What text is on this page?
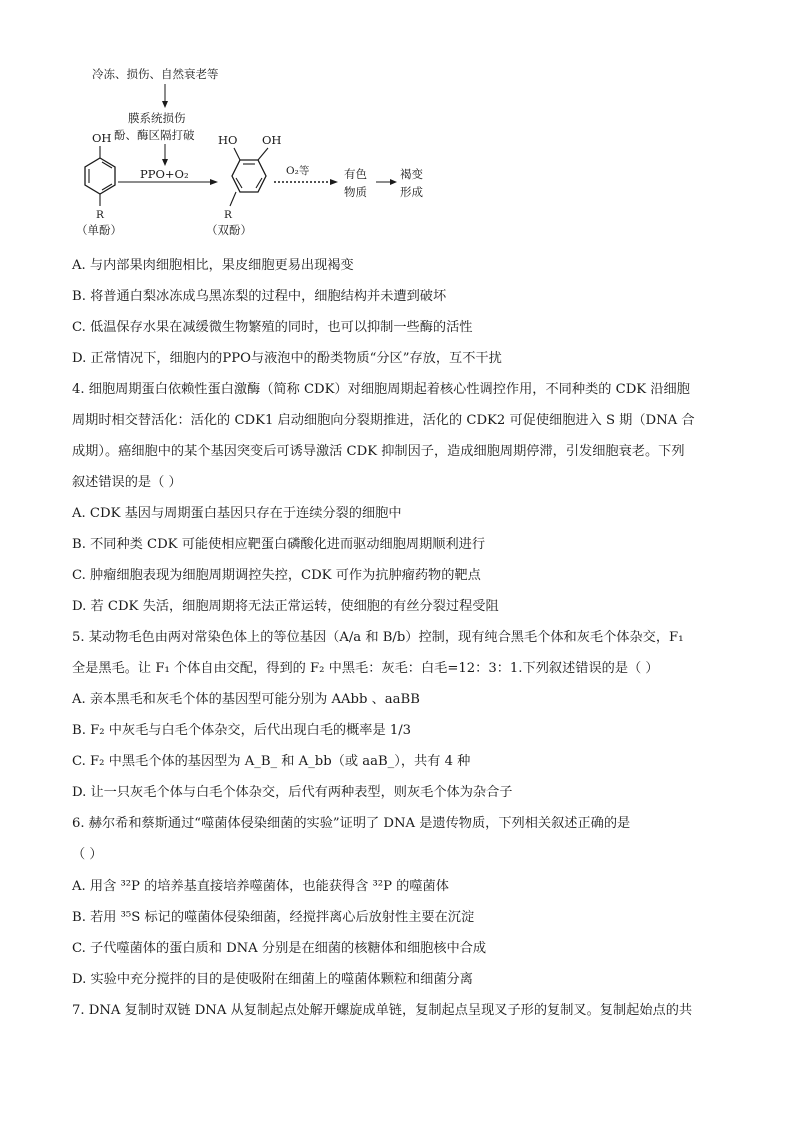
冷冻、损伤、自然衰老等
膜系统损伤
酚、酶区隔打破
PPO+O₂
OH
R
（单酚）
HO OH
R
（双酚）
O₂等	有色
物质
褐变
形成
A. 与内部果肉细胞相比，果皮细胞更易出现褐变
B. 将普通白梨冰冻成乌黑冻梨的过程中，细胞结构并未遭到破坏
C. 低温保存水果在减缓微生物繁殖的同时，也可以抑制一些酶的活性
D. 正常情况下，细胞内的PPO与液泡中的酚类物质“分区”存放，互不干扰
4. 细胞周期蛋白依赖性蛋白激酶（简称 CDK）对细胞周期起着核心性调控作用，不同种类的 CDK 沿细胞
周期时相交替活化：活化的 CDK1 启动细胞向分裂期推进，活化的 CDK2 可促使细胞进入 S 期（DNA 合
成期）。癌细胞中的某个基因突变后可诱导激活 CDK 抑制因子，造成细胞周期停滞，引发细胞衰老。下列
叙述错误的是（ ）
A. CDK 基因与周期蛋白基因只存在于连续分裂的细胞中
B. 不同种类 CDK 可能使相应靶蛋白磷酸化进而驱动细胞周期顺利进行
C. 肿瘤细胞表现为细胞周期调控失控，CDK 可作为抗肿瘤药物的靶点
D. 若 CDK 失活，细胞周期将无法正常运转，使细胞的有丝分裂过程受阻
5. 某动物毛色由两对常染色体上的等位基因（A/a 和 B/b）控制，现有纯合黑毛个体和灰毛个体杂交，F₁
全是黑毛。让 F₁ 个体自由交配，得到的 F₂ 中黑毛：灰毛：白毛=12：3：1.下列叙述错误的是（ ）
A. 亲本黑毛和灰毛个体的基因型可能分别为 AAbb 、aaBB
B. F₂ 中灰毛与白毛个体杂交，后代出现白毛的概率是 1/3
C. F₂ 中黑毛个体的基因型为 A_B_ 和 A_bb（或 aaB_），共有 4 种
D. 让一只灰毛个体与白毛个体杂交，后代有两种表型，则灰毛个体为杂合子
6. 赫尔希和蔡斯通过“噬菌体侵染细菌的实验”证明了 DNA 是遗传物质，下列相关叙述正确的是
（ ）
A. 用含 ³²P 的培养基直接培养噬菌体，也能获得含 ³²P 的噬菌体
B. 若用 ³⁵S 标记的噬菌体侵染细菌，经搅拌离心后放射性主要在沉淀
C. 子代噬菌体的蛋白质和 DNA 分别是在细菌的核糖体和细胞核中合成
D. 实验中充分搅拌的目的是使吸附在细菌上的噬菌体颗粒和细菌分离
7. DNA 复制时双链 DNA 从复制起点处解开螺旋成单链，复制起点呈现叉子形的复制叉。复制起始点的共
